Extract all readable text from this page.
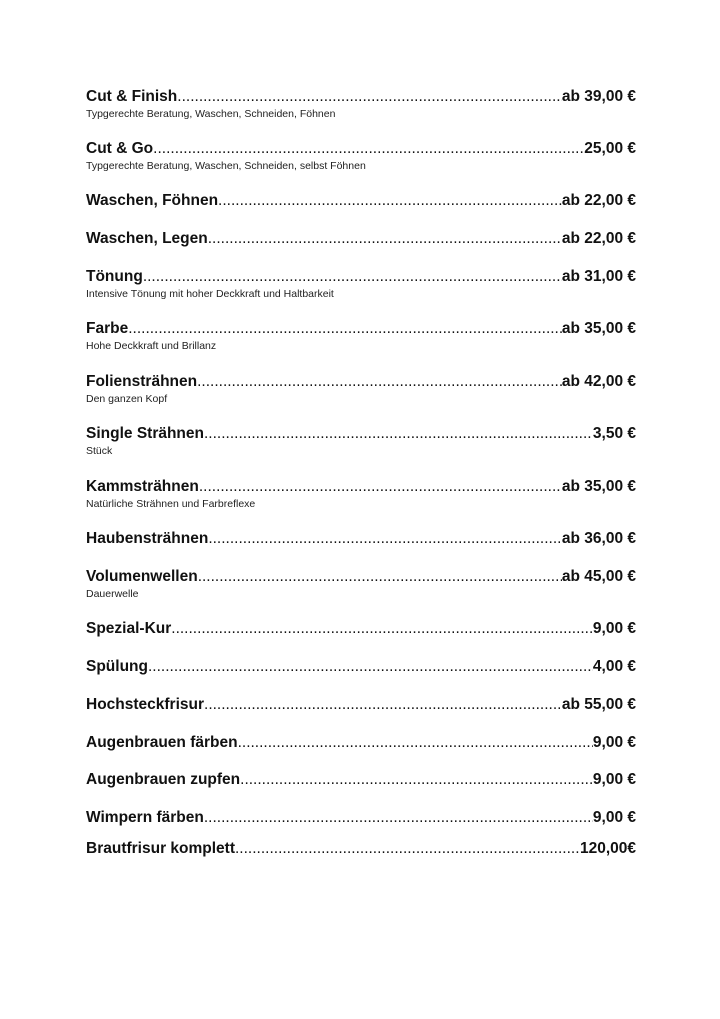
Cut & Finish .....	ab 39,00 €
Typgerechte Beratung, Waschen, Schneiden, Föhnen
Cut & Go .....	25,00 €
Typgerechte Beratung, Waschen, Schneiden, selbst Föhnen
Waschen, Föhnen .....	ab 22,00 €
Waschen, Legen .....	ab 22,00 €
Tönung .....	ab 31,00 €
Intensive Tönung mit hoher Deckkraft und Haltbarkeit
Farbe .....	ab 35,00 €
Hohe Deckkraft und Brillanz
Foliensträhnen .....	ab 42,00 €
Den ganzen Kopf
Single Strähnen .....	3,50 €
Stück
Kammsträhnen .....	ab 35,00 €
Natürliche Strähnen und Farbreflexe
Haubensträhnen .....	ab 36,00 €
Volumenwellen .....	ab 45,00 €
Dauerwelle
Spezial-Kur .....	9,00 €
Spülung .....	4,00 €
Hochsteckfrisur .....	ab 55,00 €
Augenbrauen färben .....	9,00 €
Augenbrauen zupfen .....	9,00 €
Wimpern färben .....	9,00 €
Brautfrisur komplett .....	120,00€
